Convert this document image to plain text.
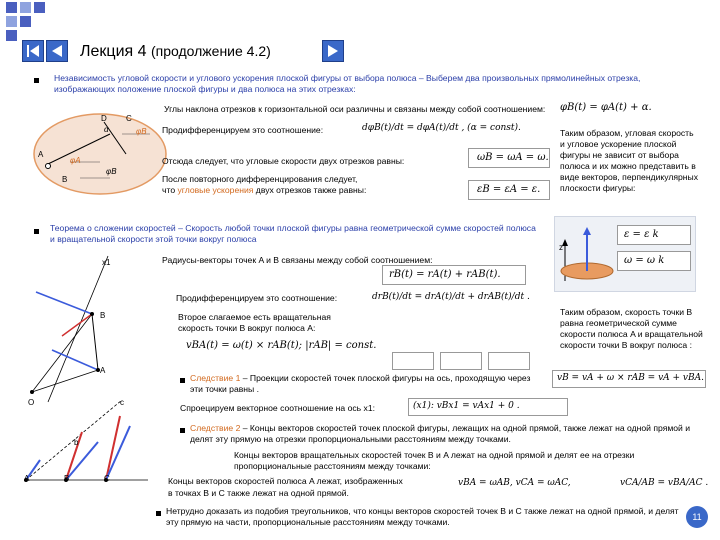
Лекция 4 (продолжение 4.2)
Независимость угловой скорости и углового ускорения плоской фигуры от выбора полюса – Выберем два произвольных прямолинейных отрезка, изображающих положение плоской фигуры и два полюса на этих отрезках:
D C
α	φB
A
φA
B
φB
Углы наклона отрезков к горизонтальной оси различны и связаны между собой соотношением: φB(t) = φA(t) + α.
Продифференцируем это соотношение:	dφB(t)/dt = dφA(t)/dt , (α = const).
Отсюда следует, что угловые скорости двух отрезков равны:	ωB = ωA = ω.
После повторного дифференцирования следует,
что угловые ускорения двух отрезков также равны:	εB = εA = ε.
Таким образом, угловая скорость и угловое ускорение плоской фигуры не зависит от выбора полюса и их можно представить в виде векторов, перпендикулярных плоскости фигуры:
Теорема о сложении скоростей – Скорость любой точки плоской фигуры равна геометрической сумме скоростей полюса и вращательной скорости этой точки вокруг полюса
z
ε = ε k
ω = ω k
x1
B
A
O
Радиусы-векторы точек A и B связаны между собой соотношением:
rB(t) = rA(t) + rAB(t).
Продифференцируем это соотношение:	drB(t)/dt = drA(t)/dt + drAB(t)/dt .
Второе слагаемое есть вращательная
скорость точки B вокруг полюса A:
vBA(t) = ω(t) × rAB(t); |rAB| = const.
Таким образом, скорость точки B равна геометрической сумме скорости полюса A и вращательной скорости точки B вокруг полюса :
vB = vA + ω × rAB = vA + vBA.
Следствие 1 – Проекции скоростей точек плоской фигуры на ось, проходящую через эти точки равны .
Спроецируем векторное соотношение на ось x1:	(x1): vBx1 = vAx1 + 0 .
c
b
A	B	C
Следствие 2 – Концы векторов скоростей точек плоской фигуры, лежащих на одной прямой, также лежат на одной прямой и делят эту прямую на отрезки пропорциональными расстояниям между точками.
Концы векторов вращательных скоростей точек B и A лежат на одной прямой и делят ее на отрезки пропорциональные расстояниям между точками:
Концы векторов скоростей полюса A лежат, изображенных
в точках B и C также лежат на одной прямой.
vBA = ωAB, vCA = ωAC,	vCA/AB = vBA/AC .
Нетрудно доказать из подобия треугольников, что концы векторов скоростей точек B и C также лежат на одной прямой, и делят эту прямую на части, пропорциональные расстояниям между точками.	11
